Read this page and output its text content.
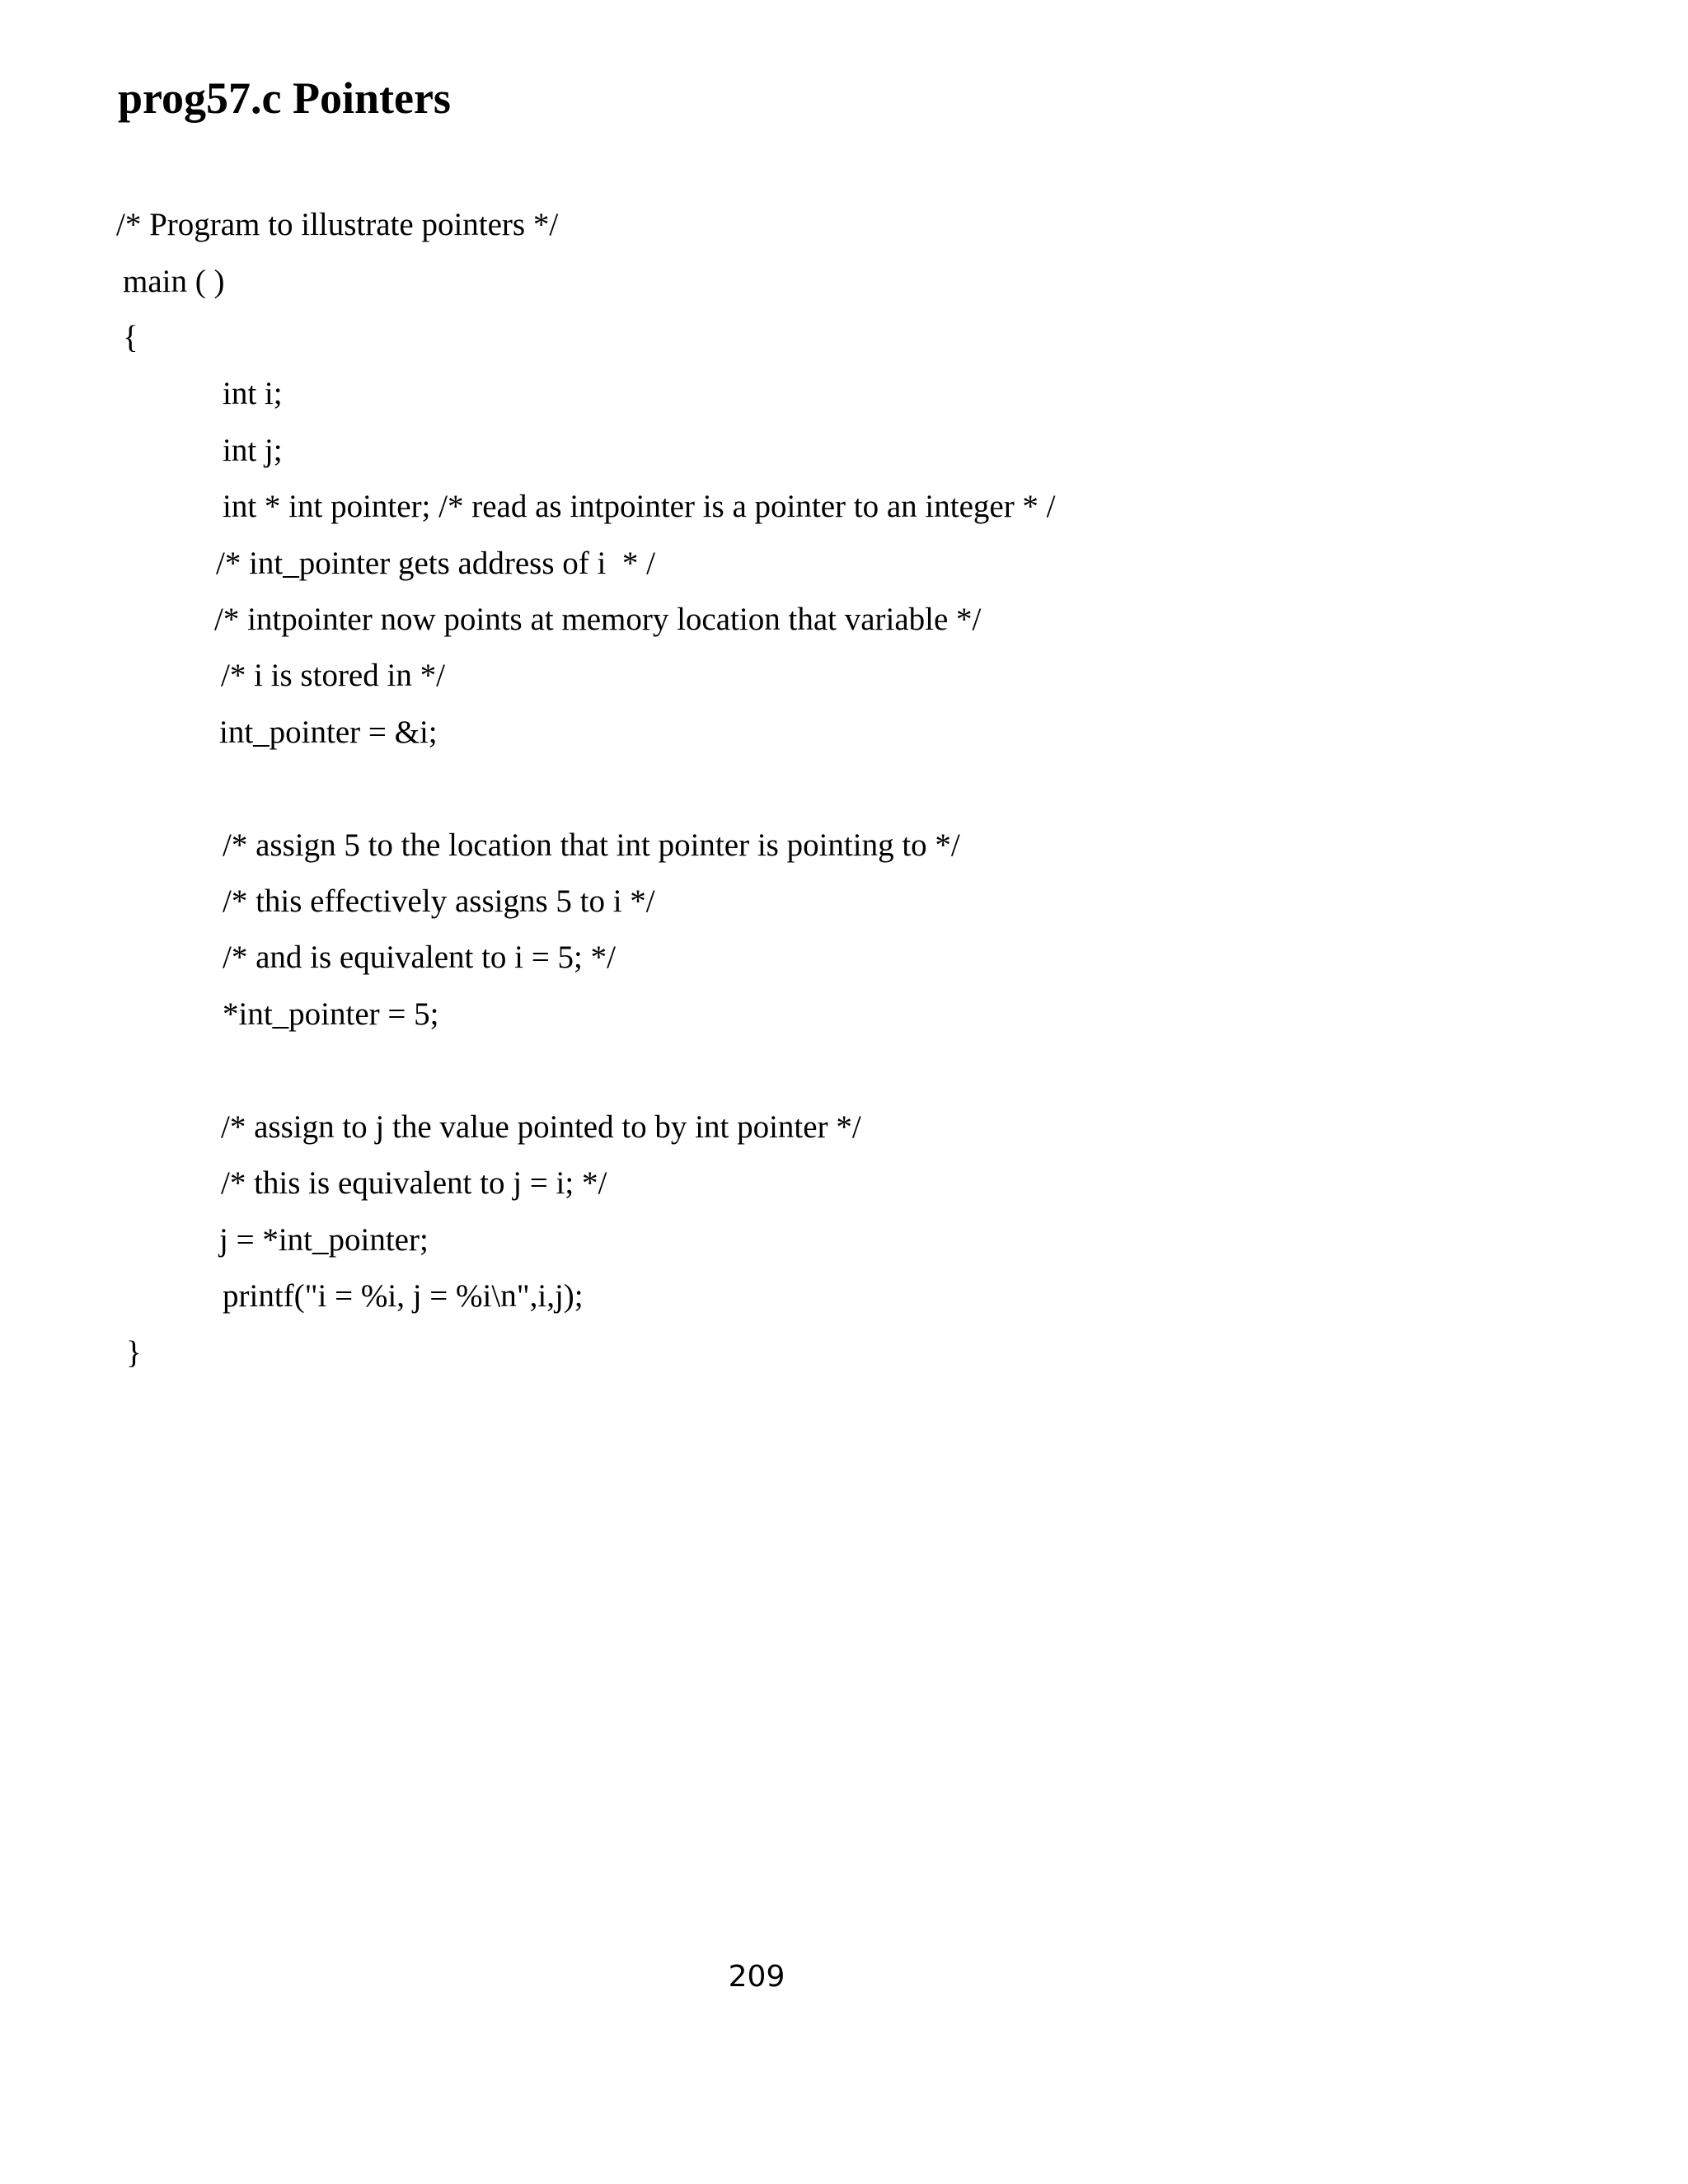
prog57.c Pointers
/* Program to illustrate pointers */
main ( )
{
int i;
int j;
int * int pointer; /* read as intpointer is a pointer to an integer * /
/* int_pointer gets address of i  * /
/* intpointer now points at memory location that variable */
/* i is stored in */
int_pointer = &i;
/* assign 5 to the location that int pointer is pointing to */
/* this effectively assigns 5 to i */
/* and is equivalent to i = 5; */
*int_pointer = 5;
/* assign to j the value pointed to by int pointer */
/* this is equivalent to j = i; */
j = *int_pointer;
printf("i = %i, j = %i\n",i,j);
}
209
